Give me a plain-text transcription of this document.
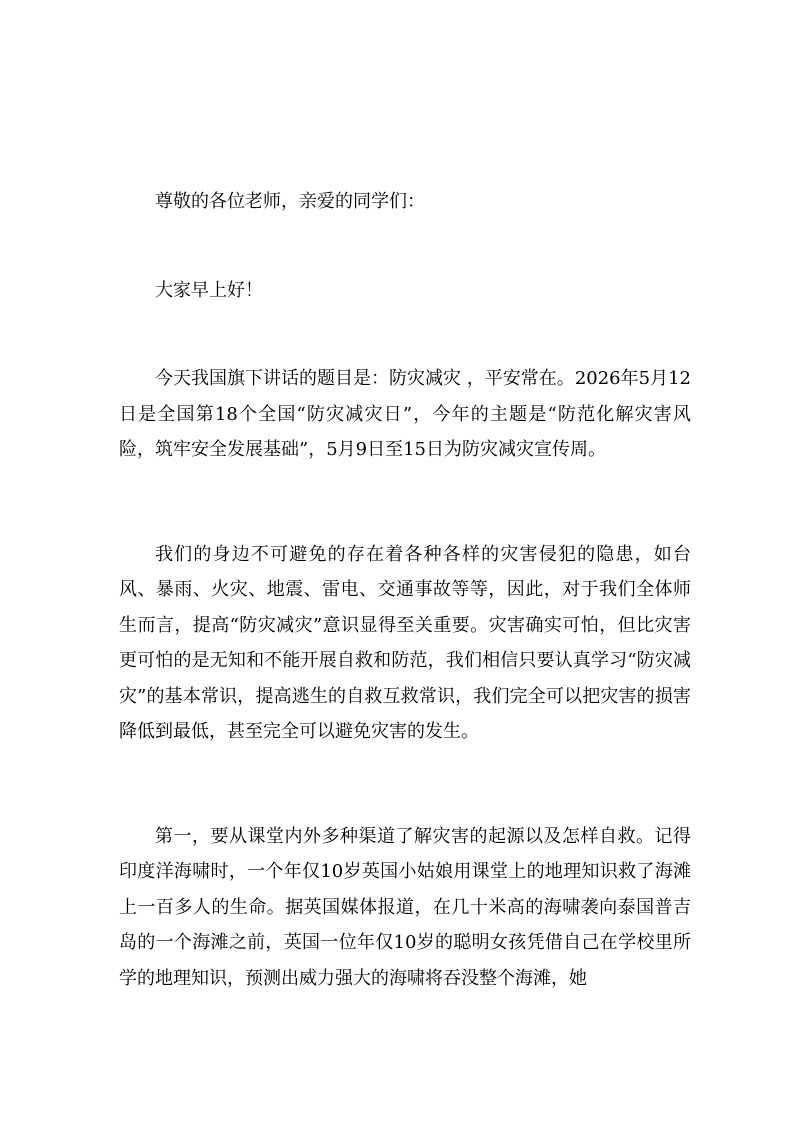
尊敬的各位老师，亲爱的同学们：

大家早上好！

今天我国旗下讲话的题目是：防灾减灾 ，平安常在。2026年5月12日是全国第18个全国“防灾减灾日”，今年的主题是“防范化解灾害风险，筑牢安全发展基础”，5月9日至15日为防灾减灾宣传周。

我们的身边不可避免的存在着各种各样的灾害侵犯的隐患，如台风、暴雨、火灾、地震、雷电、交通事故等等，因此，对于我们全体师生而言，提高“防灾减灾”意识显得至关重要。灾害确实可怕，但比灾害更可怕的是无知和不能开展自救和防范，我们相信只要认真学习“防灾减灾”的基本常识，提高逃生的自救互救常识，我们完全可以把灾害的损害降低到最低，甚至完全可以避免灾害的发生。

第一，要从课堂内外多种渠道了解灾害的起源以及怎样自救。记得印度洋海啸时，一个年仅10岁英国小姑娘用课堂上的地理知识救了海滩上一百多人的生命。据英国媒体报道，在几十米高的海啸袭向泰国普吉岛的一个海滩之前，英国一位年仅10岁的聪明女孩凭借自己在学校里所学的地理知识，预测出威力强大的海啸将吞没整个海滩，她
